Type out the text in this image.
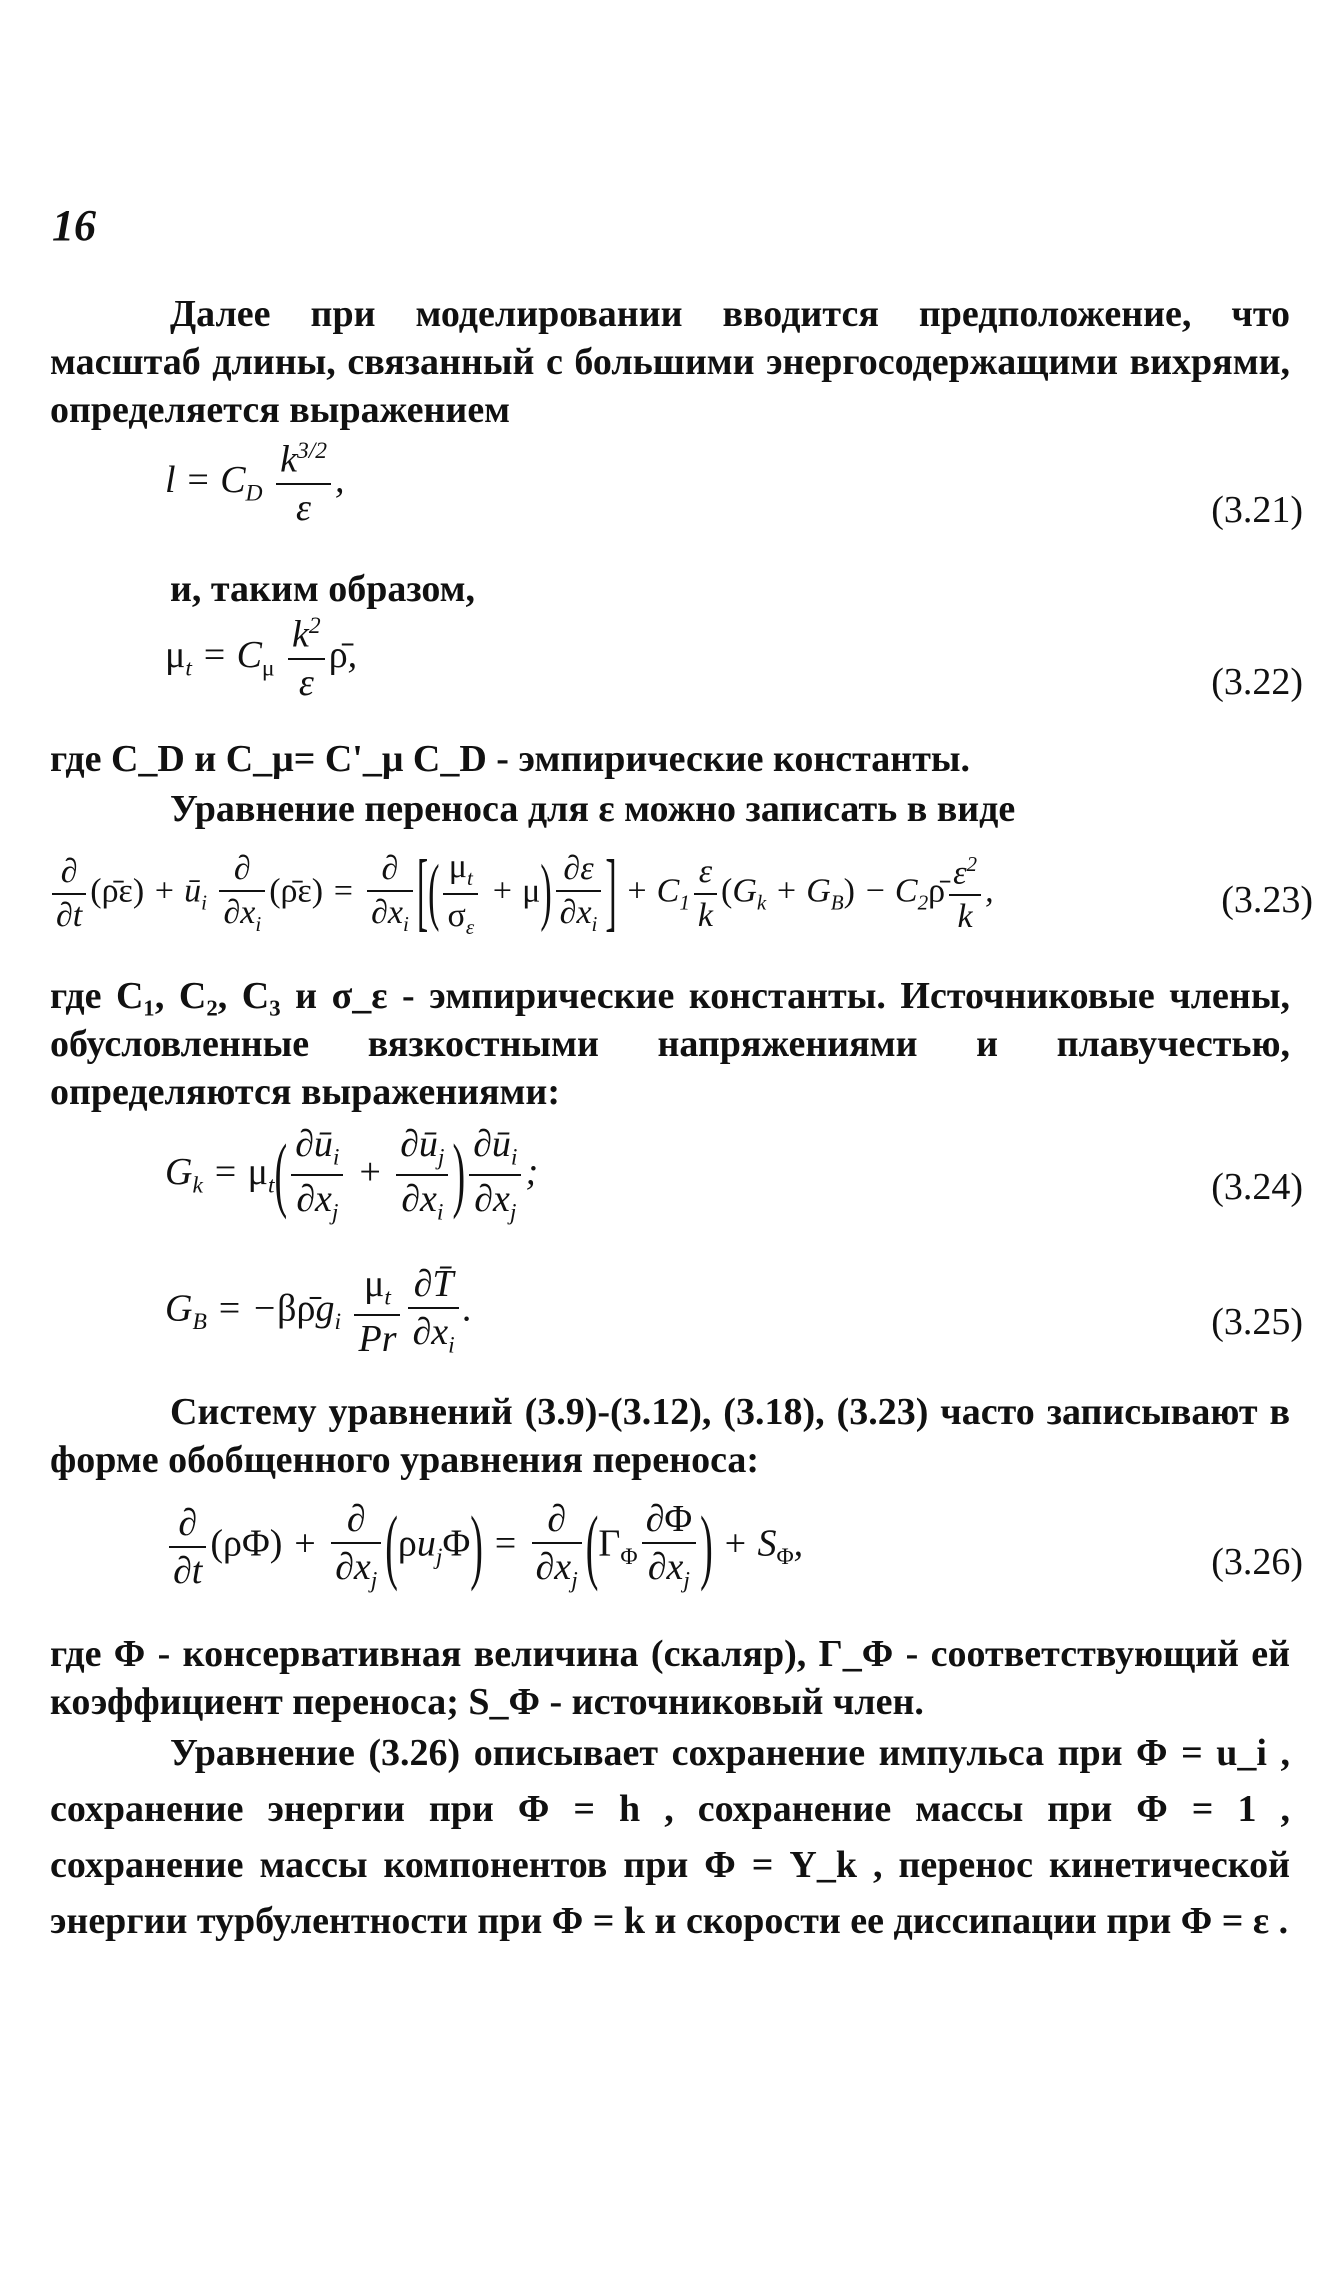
16
Далее при моделировании вводится предположение, что масштаб длины, связанный с большими энергосодержащими вихрями, определяется выражением
$l = C_D \frac{k^{3/2}}{\varepsilon}$ ,
(3.21)
и, таким образом,
$\mu_t = C_\mu \frac{k^2}{\varepsilon}$ ρ̄,
(3.22)
где C_D и C_μ= C'_μ C_D - эмпирические константы.
Уравнение переноса для ε можно записать в виде
$\frac{\partial}{\partial t}$ (ρ̄ε) + $ū_i \frac{\partial}{\partial x_i}$ (ρ̄ε) = $\frac{\partial}{\partial x_i}$ [( $\frac{\mu_t}{\sigma_\varepsilon} + \mu) \frac{\partial\varepsilon}{\partial x_i}$ ] + $C_1 \frac{\varepsilon}{k} (G_k + G_B)$ − $C_2\rhō \frac{\varepsilon^2}{k}$ ,	(3.23)
где C₁, C₂, C₃ и σ_ε - эмпирические константы. Источниковые члены, обусловленные вязкостными напряжениями и плавучестью, определяются выражениями:
$G_k = \mu_t( \frac{\partial ū_i}{\partial x_j} + \frac{\partial ū_j}{\partial x_i}$ ) $\frac{\partial ū_i}{\partial x_j}$ ;	(3.24)
$G_B$ = $-\beta\rhōg_i \frac{\mu_t}{Pr} \frac{\partial T̄}{\partial x_i}$ .	(3.25)
Систему уравнений (3.9)-(3.12), (3.18), (3.23) часто записывают в форме обобщенного уравнения переноса:
$\frac{\partial}{\partial t} (\rho\Phi) + \frac{\partial}{\partial x_j} (\rho u_j\Phi) = \frac{\partial}{\partial x_j} (\Gamma_\Phi \frac{\partial\Phi}{\partial x_j}$ ) + $S_\Phi$,	(3.26)
где Φ - консервативная величина (скаляр), Γ_Φ - соответствующий ей коэффициент переноса; S_Φ - источниковый член.
Уравнение (3.26) описывает сохранение импульса при Φ = u_i , сохранение энергии при Φ = h , сохранение массы при Φ = 1 , сохранение массы компонентов при Φ = Y_k , перенос кинетической энергии турбулентности при Φ = k и скорости ее диссипации при Φ = ε .
